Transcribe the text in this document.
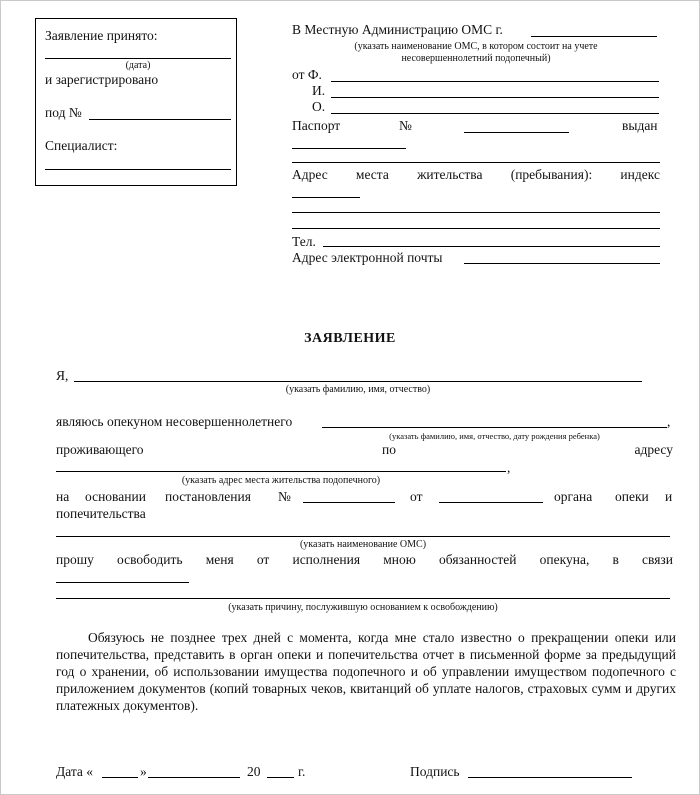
Заявление принято:
(дата)
и зарегистрировано
под №
Специалист:
В Местную Администрацию ОМС г.
(указать наименование ОМС, в котором состоит на учете
несовершеннолетний подопечный)
от Ф.
И.
О.
Паспорт	№	выдан
Адрес места жительства (пребывания): индекс
Тел.
Адрес электронной почты
ЗАЯВЛЕНИЕ
Я,
(указать фамилию, имя, отчество)
являюсь опекуном несовершеннолетнего	,
(указать фамилию, имя, отчество, дату рождения ребенка)
проживающего	по	адресу
,
(указать адрес места жительства подопечного)
на основании постановления №	от	органа опеки и
попечительства
(указать наименование ОМС)
прошу освободить меня от исполнения мною обязанностей опекуна, в связи
(указать причину, послужившую основанием к освобождению)
Обязуюсь не позднее трех дней с момента, когда мне стало известно о прекращении опеки или попечительства, представить в орган опеки и попечительства отчет в письменной форме за предыдущий год о хранении, об использовании имущества подопечного и об управлении имуществом подопечного с приложением документов (копий товарных чеков, квитанций об уплате налогов, страховых сумм и других платежных документов).
Дата «	»	20	г.	Подпись
